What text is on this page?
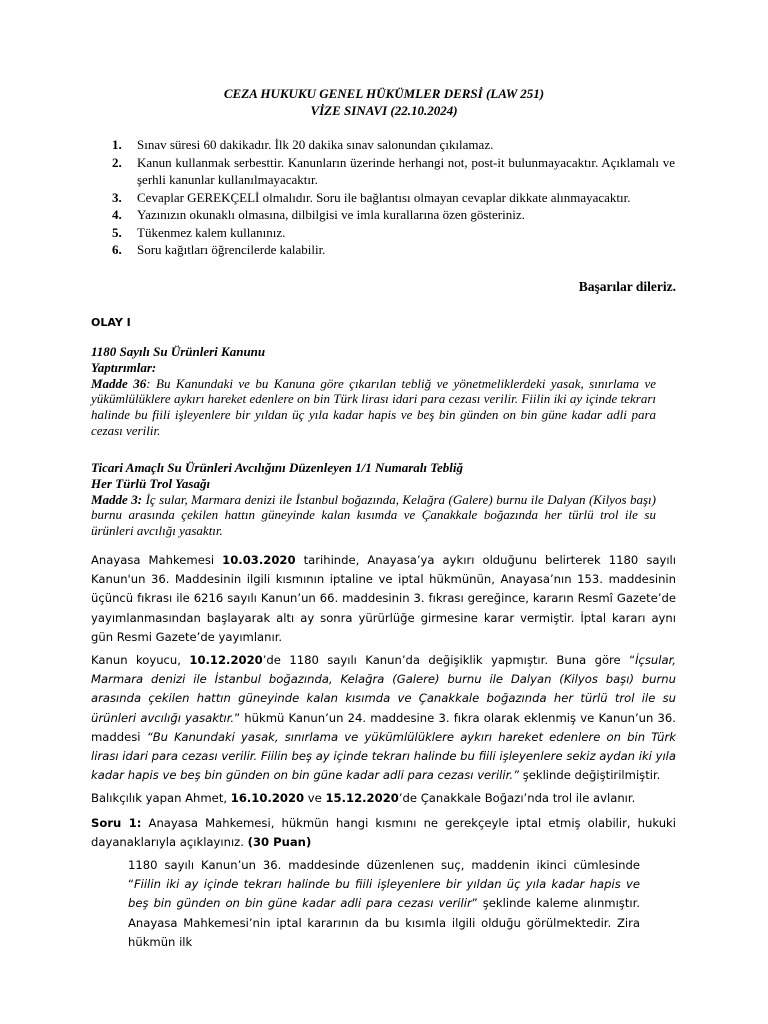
CEZA HUKUKU GENEL HÜKÜMLER DERSİ (LAW 251)
VİZE SINAVI (22.10.2024)
1. Sınav süresi 60 dakikadır. İlk 20 dakika sınav salonundan çıkılamaz.
2. Kanun kullanmak serbesttir. Kanunların üzerinde herhangi not, post-it bulunmayacaktır. Açıklamalı ve şerhli kanunlar kullanılmayacaktır.
3. Cevaplar GEREKÇELİ olmalıdır. Soru ile bağlantısı olmayan cevaplar dikkate alınmayacaktır.
4. Yazınızın okunaklı olmasına, dilbilgisi ve imla kurallarına özen gösteriniz.
5. Tükenmez kalem kullanınız.
6. Soru kağıtları öğrencilerde kalabilir.
Başarılar dileriz.
OLAY I
1180 Sayılı Su Ürünleri Kanunu
Yaptırımlar:
Madde 36: Bu Kanundaki ve bu Kanuna göre çıkarılan tebliğ ve yönetmeliklerdeki yasak, sınırlama ve yükümlülüklere aykırı hareket edenlere on bin Türk lirası idari para cezası verilir. Fiilin iki ay içinde tekrarı halinde bu fiili işleyenlere bir yıldan üç yıla kadar hapis ve beş bin günden on bin güne kadar adli para cezası verilir.
Ticari Amaçlı Su Ürünleri Avcılığını Düzenleyen 1/1 Numaralı Tebliğ
Her Türlü Trol Yasağı
Madde 3: İç sular, Marmara denizi ile İstanbul boğazında, Kelağra (Galere) burnu ile Dalyan (Kilyos başı) burnu arasında çekilen hattın güneyinde kalan kısımda ve Çanakkale boğazında her türlü trol ile su ürünleri avcılığı yasaktır.

Anayasa Mahkemesi 10.03.2020 tarihinde, Anayasa’ya aykırı olduğunu belirterek 1180 sayılı Kanun'un 36. Maddesinin ilgili kısmının iptaline ve iptal hükmünün, Anayasa’nın 153. maddesinin üçüncü fıkrası ile 6216 sayılı Kanun’un 66. maddesinin 3. fıkrası gereğince, kararın Resmî Gazete’de yayımlanmasından başlayarak altı ay sonra yürürlüğe girmesine karar vermiştir. İptal kararı aynı gün Resmi Gazete’de yayımlanır.

Kanun koyucu, 10.12.2020’de 1180 sayılı Kanun’da değişiklik yapmıştır. Buna göre “İçsular, Marmara denizi ile İstanbul boğazında, Kelağra (Galere) burnu ile Dalyan (Kilyos başı) burnu arasında çekilen hattın güneyinde kalan kısımda ve Çanakkale boğazında her türlü trol ile su ürünleri avcılığı yasaktır.” hükmü Kanun’un 24. maddesine 3. fıkra olarak eklenmiş ve Kanun’un 36. maddesi “Bu Kanundaki yasak, sınırlama ve yükümlülüklere aykırı hareket edenlere on bin Türk lirası idari para cezası verilir. Fiilin beş ay içinde tekrarı halinde bu fiili işleyenlere sekiz aydan iki yıla kadar hapis ve beş bin günden on bin güne kadar adli para cezası verilir.” şeklinde değiştirilmiştir.

Balıkçılık yapan Ahmet, 16.10.2020 ve 15.12.2020’de Çanakkale Boğazı’nda trol ile avlanır.

Soru 1: Anayasa Mahkemesi, hükmün hangi kısmını ne gerekçeyle iptal etmiş olabilir, hukuki dayanaklarıyla açıklayınız. (30 Puan)

1180 sayılı Kanun’un 36. maddesinde düzenlenen suç, maddenin ikinci cümlesinde “Fiilin iki ay içinde tekrarı halinde bu fiili işleyenlere bir yıldan üç yıla kadar hapis ve beş bin günden on bin güne kadar adli para cezası verilir” şeklinde kaleme alınmıştır. Anayasa Mahkemesi’nin iptal kararının da bu kısımla ilgili olduğu görülmektedir. Zira hükmün ilk
